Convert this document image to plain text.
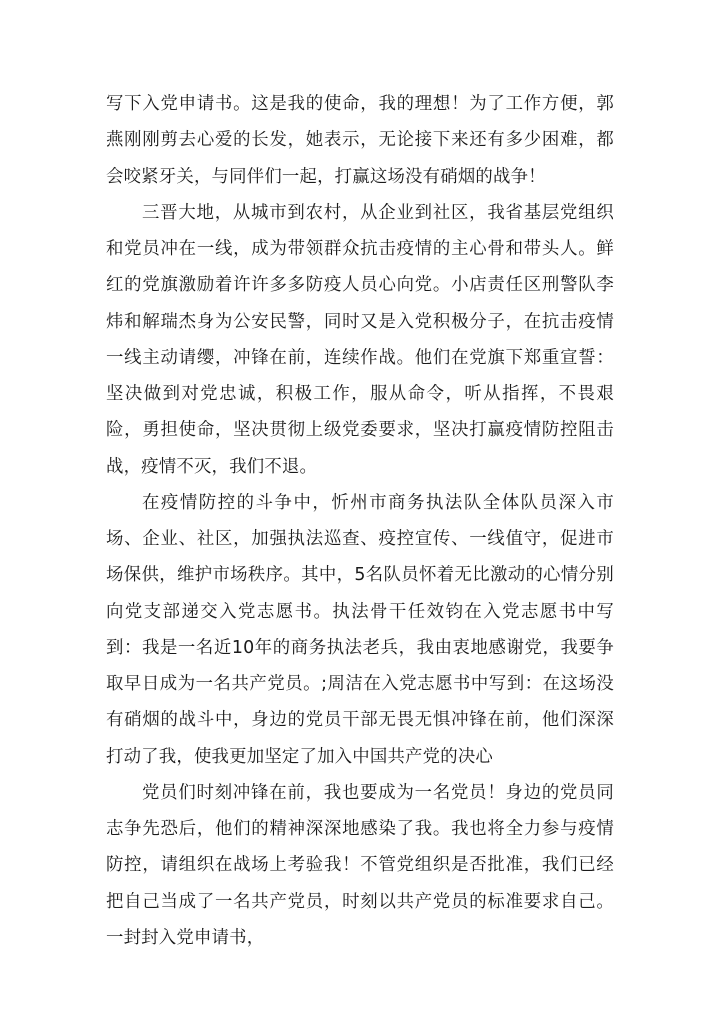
写下入党申请书。这是我的使命，我的理想！为了工作方便，郭燕刚刚剪去心爱的长发，她表示，无论接下来还有多少困难，都会咬紧牙关，与同伴们一起，打赢这场没有硝烟的战争！

三晋大地，从城市到农村，从企业到社区，我省基层党组织和党员冲在一线，成为带领群众抗击疫情的主心骨和带头人。鲜红的党旗激励着许许多多防疫人员心向党。小店责任区刑警队李炜和解瑞杰身为公安民警，同时又是入党积极分子，在抗击疫情一线主动请缨，冲锋在前，连续作战。他们在党旗下郑重宣誓：坚决做到对党忠诚，积极工作，服从命令，听从指挥，不畏艰险，勇担使命，坚决贯彻上级党委要求，坚决打赢疫情防控阻击战，疫情不灭，我们不退。

在疫情防控的斗争中，忻州市商务执法队全体队员深入市场、企业、社区，加强执法巡查、疫控宣传、一线值守，促进市场保供，维护市场秩序。其中，5名队员怀着无比激动的心情分别向党支部递交入党志愿书。执法骨干任效钧在入党志愿书中写到：我是一名近10年的商务执法老兵，我由衷地感谢党，我要争取早日成为一名共产党员。;周洁在入党志愿书中写到：在这场没有硝烟的战斗中，身边的党员干部无畏无惧冲锋在前，他们深深打动了我，使我更加坚定了加入中国共产党的决心

党员们时刻冲锋在前，我也要成为一名党员！身边的党员同志争先恐后，他们的精神深深地感染了我。我也将全力参与疫情防控，请组织在战场上考验我！不管党组织是否批准，我们已经把自己当成了一名共产党员，时刻以共产党员的标准要求自己。一封封入党申请书，
